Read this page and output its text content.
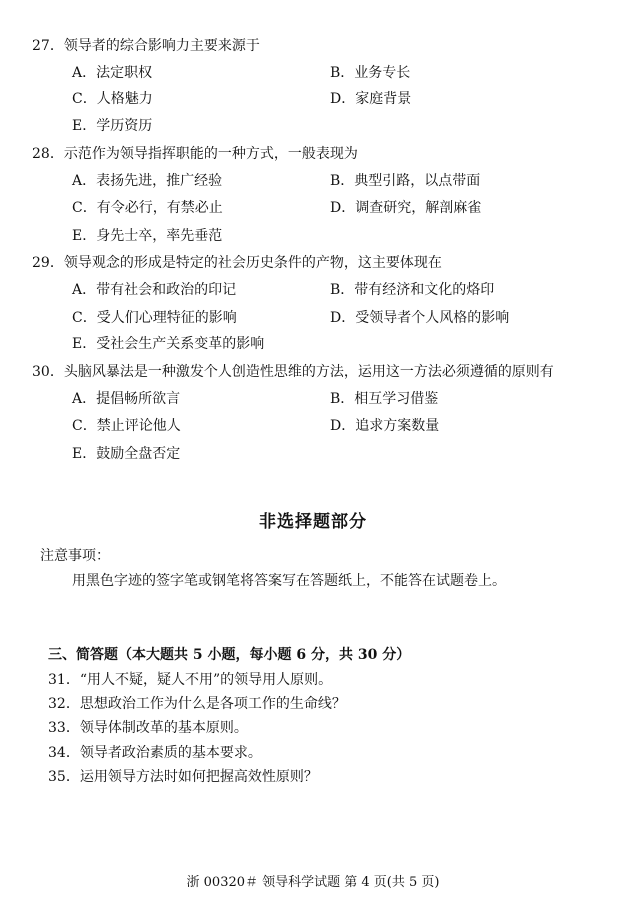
27．领导者的综合影响力主要来源于
A．法定职权	B．业务专长
C．人格魅力	D．家庭背景
E．学历资历
28．示范作为领导指挥职能的一种方式，一般表现为
A．表扬先进，推广经验	B．典型引路，以点带面
C．有令必行，有禁必止	D．调查研究，解剖麻雀
E．身先士卒，率先垂范
29．领导观念的形成是特定的社会历史条件的产物，这主要体现在
A．带有社会和政治的印记	B．带有经济和文化的烙印
C．受人们心理特征的影响	D．受领导者个人风格的影响
E．受社会生产关系变革的影响
30．头脑风暴法是一种激发个人创造性思维的方法，运用这一方法必须遵循的原则有
A．提倡畅所欲言	B．相互学习借鉴
C．禁止评论他人	D．追求方案数量
E．鼓励全盘否定
非选择题部分
注意事项：
用黑色字迹的签字笔或钢笔将答案写在答题纸上，不能答在试题卷上。
三、简答题（本大题共 5 小题，每小题 6 分，共 30 分）
31．“用人不疑，疑人不用”的领导用人原则。
32．思想政治工作为什么是各项工作的生命线？
33．领导体制改革的基本原则。
34．领导者政治素质的基本要求。
35．运用领导方法时如何把握高效性原则？
浙 00320＃ 领导科学试题 第 4 页(共 5 页)
